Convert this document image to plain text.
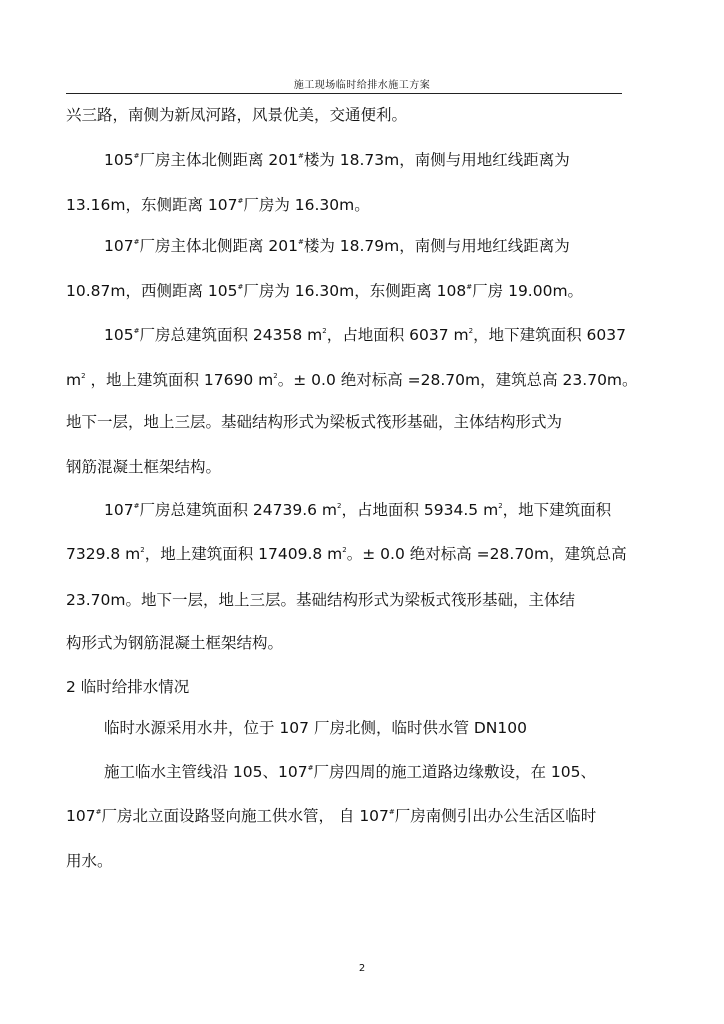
施工现场临时给排水施工方案
兴三路，南侧为新凤河路，风景优美，交通便利。
105#厂房主体北侧距离 201#楼为 18.73m，南侧与用地红线距离为
13.16m，东侧距离 107#厂房为 16.30m。
107#厂房主体北侧距离 201#楼为 18.79m，南侧与用地红线距离为
10.87m，西侧距离 105#厂房为 16.30m，东侧距离 108#厂房 19.00m。
105#厂房总建筑面积 24358 $m^2$，占地面积 6037 $m^2$，地下建筑面积 6037
$m^2$ ，地上建筑面积 17690 $m^2$。± 0.0 绝对标高 =28.70m，建筑总高 23.70m。
地下一层，地上三层。基础结构形式为梁板式筏形基础，主体结构形式为
钢筋混凝土框架结构。
107#厂房总建筑面积 24739.6 $m^2$，占地面积 5934.5 $m^2$，地下建筑面积
7329.8 $m^2$，地上建筑面积 17409.8 $m^2$。± 0.0 绝对标高 =28.70m，建筑总高
23.70m。地下一层，地上三层。基础结构形式为梁板式筏形基础，主体结
构形式为钢筋混凝土框架结构。
2 临时给排水情况
临时水源采用水井，位于 107 厂房北侧，临时供水管 DN100
施工临水主管线沿 105、107#厂房四周的施工道路边缘敷设，在 105、
107#厂房北立面设路竖向施工供水管， 自 107#厂房南侧引出办公生活区临时
用水。
2
